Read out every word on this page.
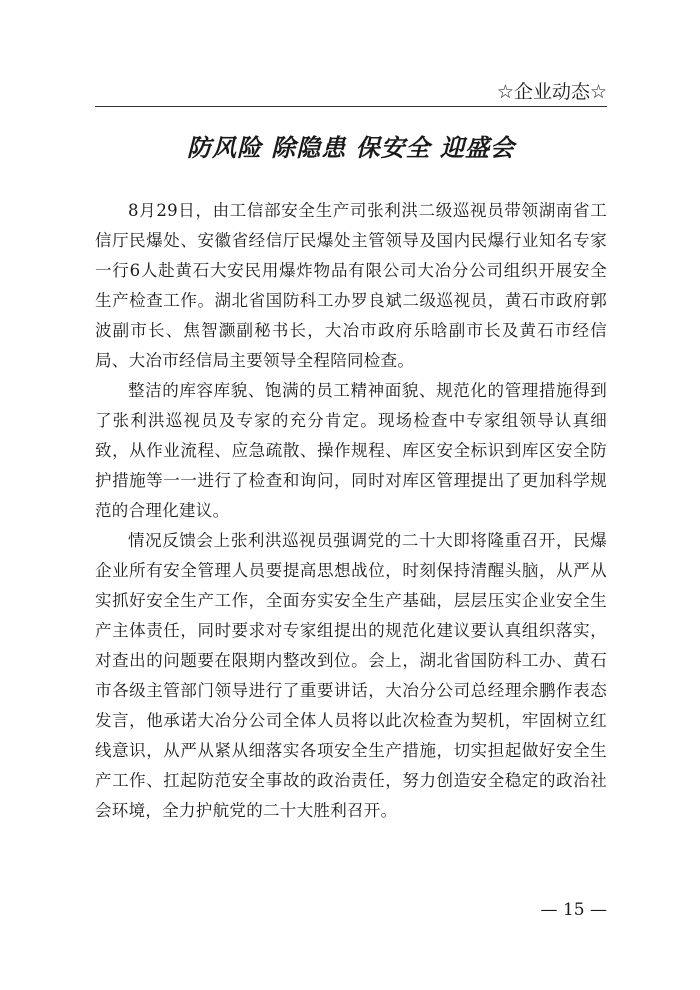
☆企业动态☆
防风险 除隐患 保安全 迎盛会

8月29日，由工信部安全生产司张利洪二级巡视员带领湖南省工信厅民爆处、安徽省经信厅民爆处主管领导及国内民爆行业知名专家一行6人赴黄石大安民用爆炸物品有限公司大冶分公司组织开展安全生产检查工作。湖北省国防科工办罗良斌二级巡视员，黄石市政府郭波副市长、焦智灏副秘书长，大冶市政府乐晗副市长及黄石市经信局、大冶市经信局主要领导全程陪同检查。

整洁的库容库貌、饱满的员工精神面貌、规范化的管理措施得到了张利洪巡视员及专家的充分肯定。现场检查中专家组领导认真细致，从作业流程、应急疏散、操作规程、库区安全标识到库区安全防护措施等一一进行了检查和询问，同时对库区管理提出了更加科学规范的合理化建议。

情况反馈会上张利洪巡视员强调党的二十大即将隆重召开，民爆企业所有安全管理人员要提高思想战位，时刻保持清醒头脑，从严从实抓好安全生产工作，全面夯实安全生产基础，层层压实企业安全生产主体责任，同时要求对专家组提出的规范化建议要认真组织落实，对查出的问题要在限期内整改到位。会上，湖北省国防科工办、黄石市各级主管部门领导进行了重要讲话，大冶分公司总经理余鹏作表态发言，他承诺大冶分公司全体人员将以此次检查为契机，牢固树立红线意识，从严从紧从细落实各项安全生产措施，切实担起做好安全生产工作、扛起防范安全事故的政治责任，努力创造安全稳定的政治社会环境，全力护航党的二十大胜利召开。

— 15 —
